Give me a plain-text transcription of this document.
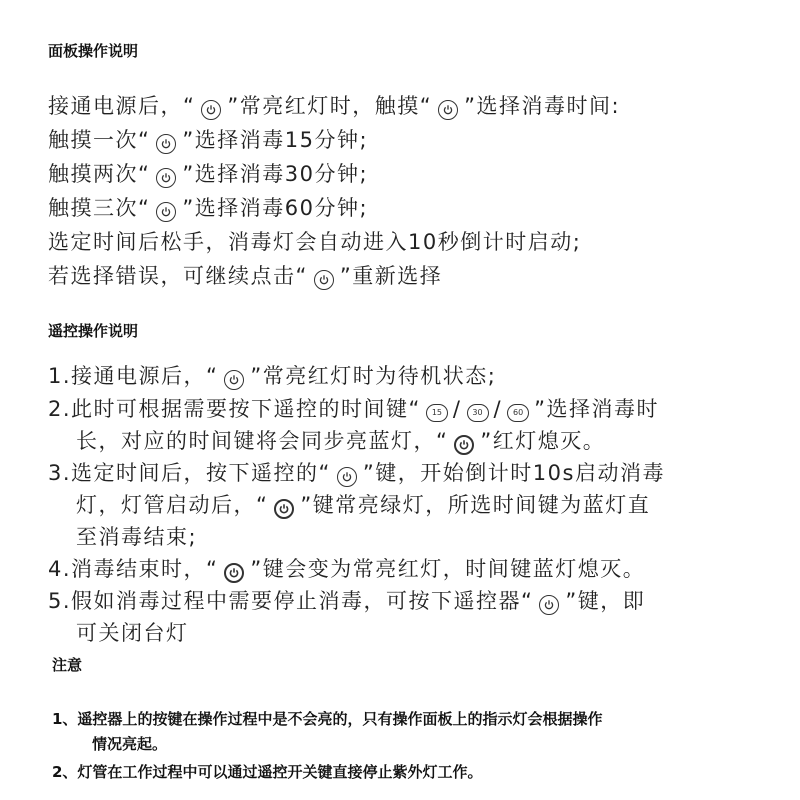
面板操作说明
接通电源后，“ ”常亮红灯时，触摸“ ”选择消毒时间:
触摸一次“ ”选择消毒15分钟;
触摸两次“ ”选择消毒30分钟;
触摸三次“ ”选择消毒60分钟;
选定时间后松手，消毒灯会自动进入10秒倒计时启动;
若选择错误，可继续点击“ ”重新选择
遥控操作说明
1.接通电源后，“ ”常亮红灯时为待机状态;
2.此时可根据需要按下遥控的时间键“ 15 / 30 / 60 ”选择消毒时
长，对应的时间键将会同步亮蓝灯，“ ”红灯熄灭。
3.选定时间后，按下遥控的“ ”键，开始倒计时10s启动消毒
灯，灯管启动后，“ ”键常亮绿灯，所选时间键为蓝灯直
至消毒结束;
4.消毒结束时，“ ”键会变为常亮红灯，时间键蓝灯熄灭。
5.假如消毒过程中需要停止消毒，可按下遥控器“ ”键，即
可关闭台灯
注意
1、遥控器上的按键在操作过程中是不会亮的，只有操作面板上的指示灯会根据操作
情况亮起。
2、灯管在工作过程中可以通过遥控开关键直接停止紫外灯工作。
